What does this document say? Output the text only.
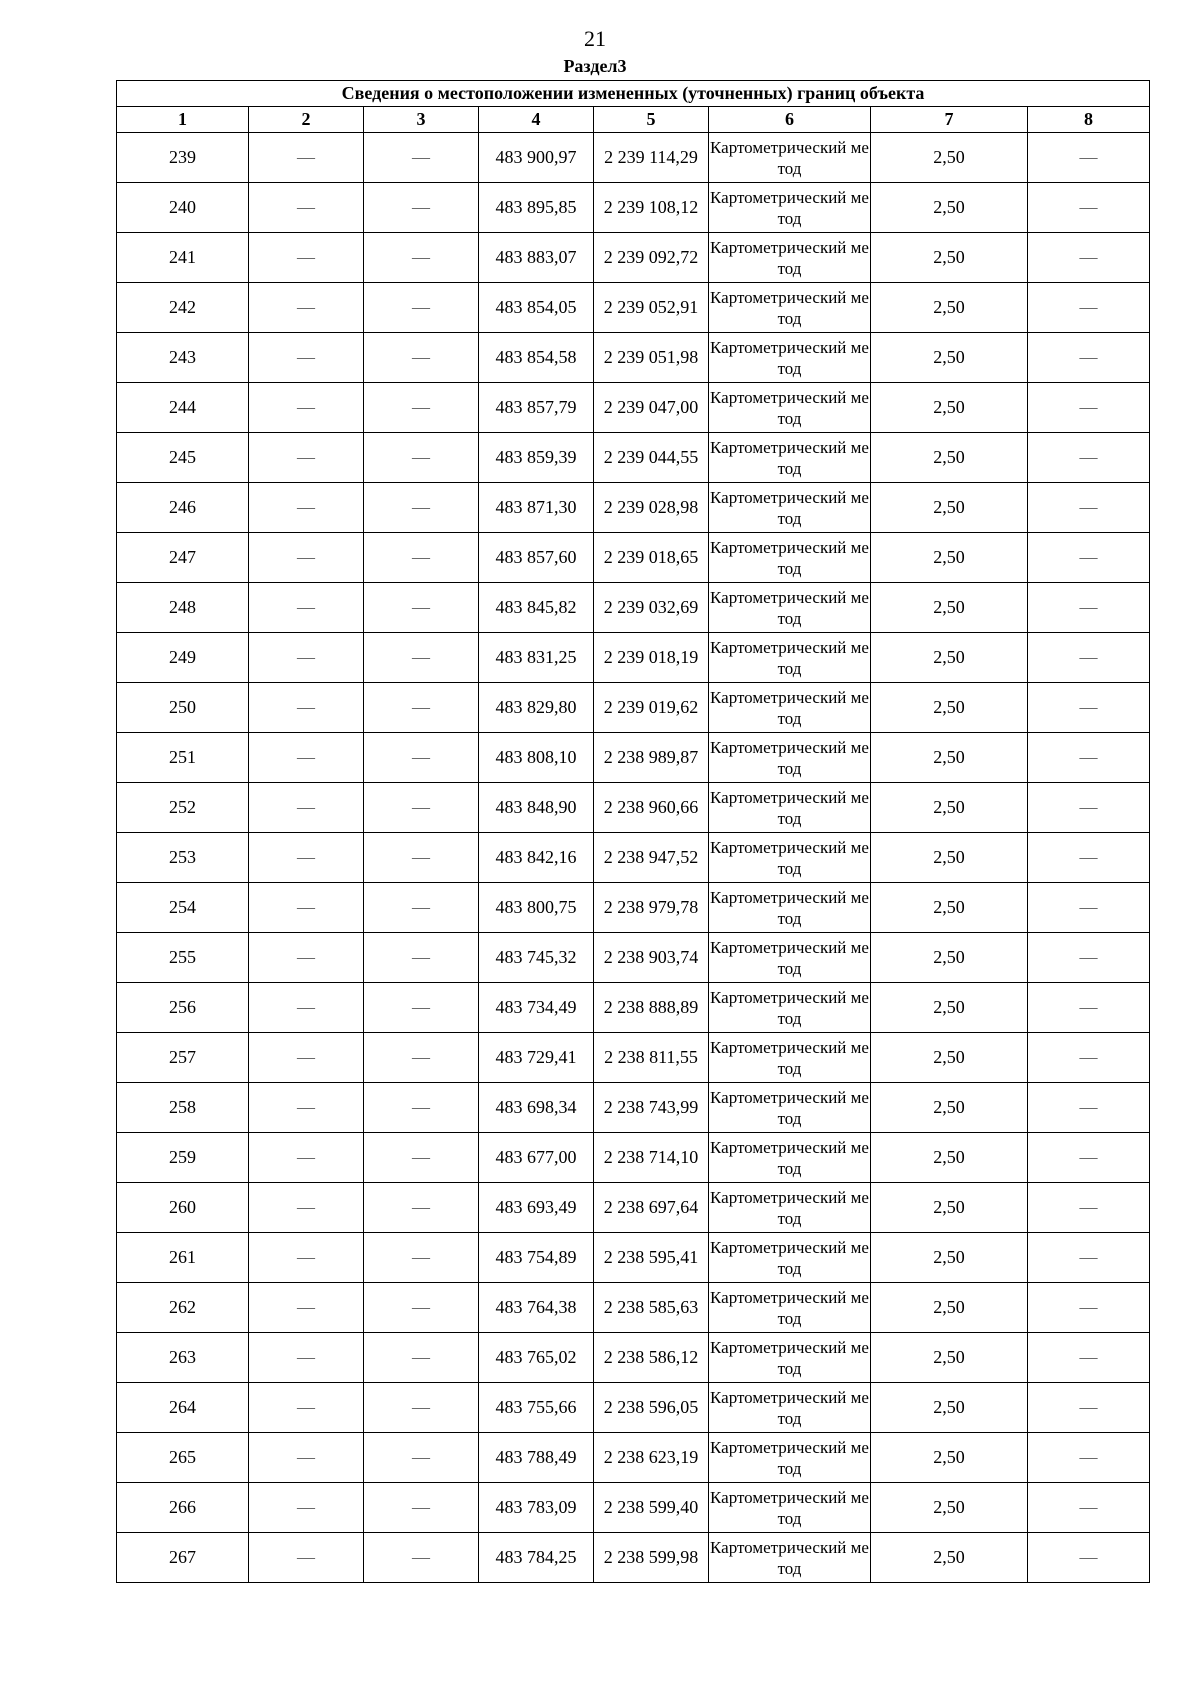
21
Раздел3
Сведения о местоположении измененных (уточненных) границ объекта							
1	2	3	4	5	6	7	8
239	—	—	483 900,97	2 239 114,29	Картометрический метод	2,50	—
240	—	—	483 895,85	2 239 108,12	Картометрический метод	2,50	—
241	—	—	483 883,07	2 239 092,72	Картометрический метод	2,50	—
242	—	—	483 854,05	2 239 052,91	Картометрический метод	2,50	—
243	—	—	483 854,58	2 239 051,98	Картометрический метод	2,50	—
244	—	—	483 857,79	2 239 047,00	Картометрический метод	2,50	—
245	—	—	483 859,39	2 239 044,55	Картометрический метод	2,50	—
246	—	—	483 871,30	2 239 028,98	Картометрический метод	2,50	—
247	—	—	483 857,60	2 239 018,65	Картометрический метод	2,50	—
248	—	—	483 845,82	2 239 032,69	Картометрический метод	2,50	—
249	—	—	483 831,25	2 239 018,19	Картометрический метод	2,50	—
250	—	—	483 829,80	2 239 019,62	Картометрический метод	2,50	—
251	—	—	483 808,10	2 238 989,87	Картометрический метод	2,50	—
252	—	—	483 848,90	2 238 960,66	Картометрический метод	2,50	—
253	—	—	483 842,16	2 238 947,52	Картометрический метод	2,50	—
254	—	—	483 800,75	2 238 979,78	Картометрический метод	2,50	—
255	—	—	483 745,32	2 238 903,74	Картометрический метод	2,50	—
256	—	—	483 734,49	2 238 888,89	Картометрический метод	2,50	—
257	—	—	483 729,41	2 238 811,55	Картометрический метод	2,50	—
258	—	—	483 698,34	2 238 743,99	Картометрический метод	2,50	—
259	—	—	483 677,00	2 238 714,10	Картометрический метод	2,50	—
260	—	—	483 693,49	2 238 697,64	Картометрический метод	2,50	—
261	—	—	483 754,89	2 238 595,41	Картометрический метод	2,50	—
262	—	—	483 764,38	2 238 585,63	Картометрический метод	2,50	—
263	—	—	483 765,02	2 238 586,12	Картометрический метод	2,50	—
264	—	—	483 755,66	2 238 596,05	Картометрический метод	2,50	—
265	—	—	483 788,49	2 238 623,19	Картометрический метод	2,50	—
266	—	—	483 783,09	2 238 599,40	Картометрический метод	2,50	—
267	—	—	483 784,25	2 238 599,98	Картометрический метод	2,50	—
